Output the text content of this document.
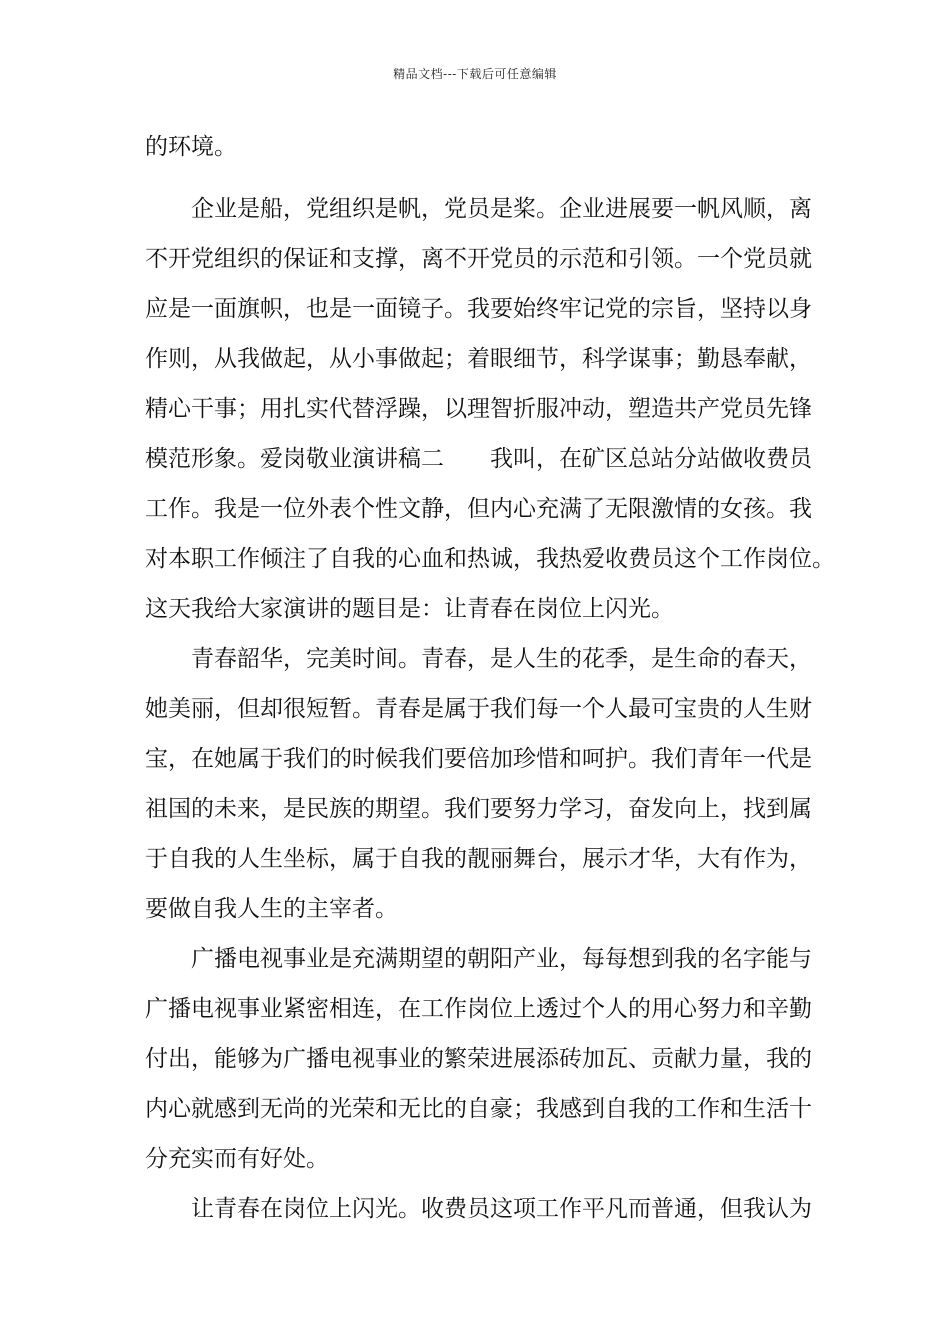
精品文档---下载后可任意编辑
的环境。
企业是船，党组织是帆，党员是桨。企业进展要一帆风顺，离
不开党组织的保证和支撑，离不开党员的示范和引领。一个党员就
应是一面旗帜，也是一面镜子。我要始终牢记党的宗旨，坚持以身
作则，从我做起，从小事做起；着眼细节，科学谋事；勤恳奉献，
精心干事；用扎实代替浮躁，以理智折服冲动，塑造共产党员先锋
模范形象。爱岗敬业演讲稿二　　我叫，在矿区总站分站做收费员
工作。我是一位外表个性文静，但内心充满了无限激情的女孩。我
对本职工作倾注了自我的心血和热诚，我热爱收费员这个工作岗位。
这天我给大家演讲的题目是：让青春在岗位上闪光。
青春韶华，完美时间。青春，是人生的花季，是生命的春天，
她美丽，但却很短暂。青春是属于我们每一个人最可宝贵的人生财
宝，在她属于我们的时候我们要倍加珍惜和呵护。我们青年一代是
祖国的未来，是民族的期望。我们要努力学习，奋发向上，找到属
于自我的人生坐标，属于自我的靓丽舞台，展示才华，大有作为，
要做自我人生的主宰者。
广播电视事业是充满期望的朝阳产业，每每想到我的名字能与
广播电视事业紧密相连，在工作岗位上透过个人的用心努力和辛勤
付出，能够为广播电视事业的繁荣进展添砖加瓦、贡献力量，我的
内心就感到无尚的光荣和无比的自豪；我感到自我的工作和生活十
分充实而有好处。
让青春在岗位上闪光。收费员这项工作平凡而普通，但我认为
